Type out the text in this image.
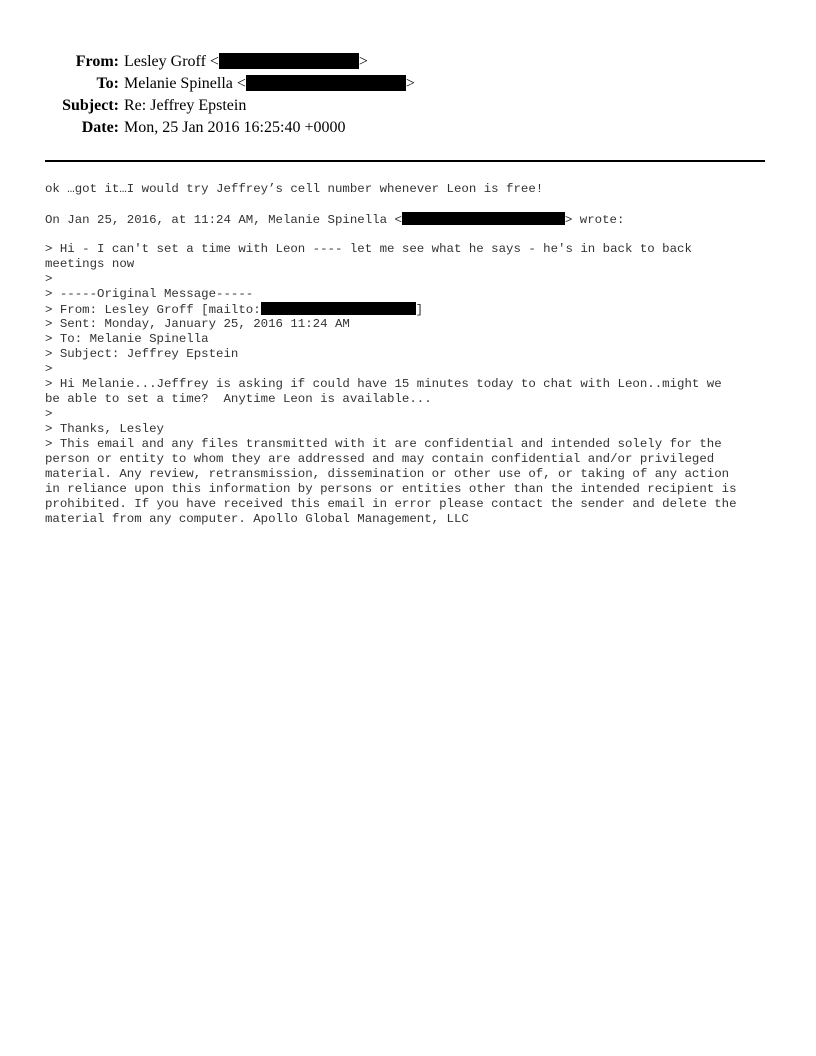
From: Lesley Groff <	>
To: Melanie Spinella <	>
Subject: Re: Jeffrey Epstein
Date: Mon, 25 Jan 2016 16:25:40 +0000
ok …got it…I would try Jeffrey’s cell number whenever Leon is free!
On Jan 25, 2016, at 11:24 AM, Melanie Spinella <	> wrote:
> Hi - I can't set a time with Leon ---- let me see what he says - he's in back to back
meetings now
>
> -----Original Message-----
> From: Lesley Groff [mailto:	]
> Sent: Monday, January 25, 2016 11:24 AM
> To: Melanie Spinella
> Subject: Jeffrey Epstein
>
> Hi Melanie...Jeffrey is asking if could have 15 minutes today to chat with Leon..might we
be able to set a time?  Anytime Leon is available...
>
> Thanks, Lesley
> This email and any files transmitted with it are confidential and intended solely for the
person or entity to whom they are addressed and may contain confidential and/or privileged
material. Any review, retransmission, dissemination or other use of, or taking of any action
in reliance upon this information by persons or entities other than the intended recipient is
prohibited. If you have received this email in error please contact the sender and delete the
material from any computer. Apollo Global Management, LLC
